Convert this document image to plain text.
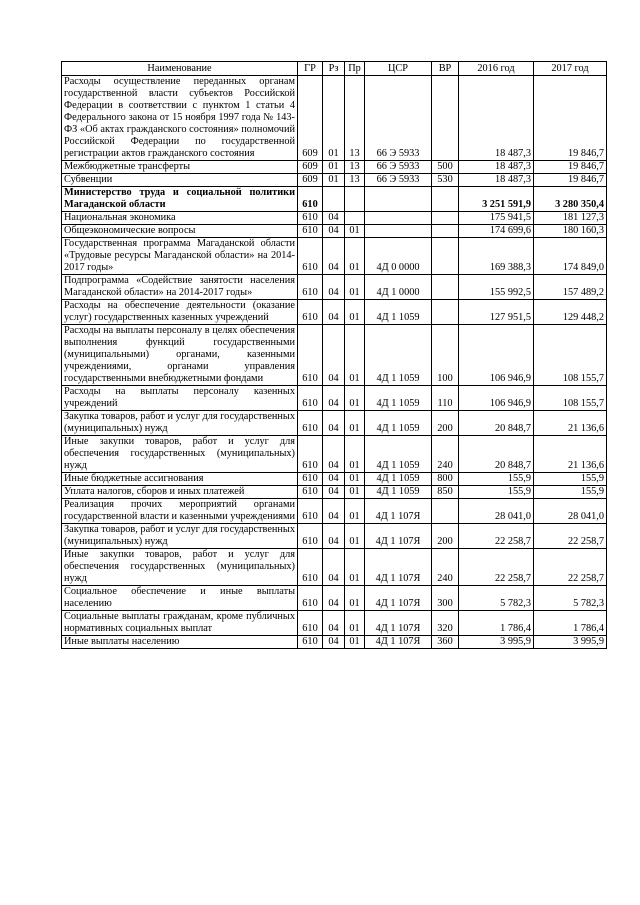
Наименование	ГР	Рз	Пр	ЦСР	ВР	2016 год	2017 год
Расходы осуществление переданных органам государственной власти субъектов Российской Федерации в соответствии с пунктом 1 статьи 4 Федерального закона от 15 ноября 1997 года № 143-ФЗ «Об актах гражданского состояния» полномочий Российской Федерации по государственной регистрации актов гражданского состояния	609	01	13	66 Э 5933		18 487,3	19 846,7
Межбюджетные трансферты	609	01	13	66 Э 5933	500	18 487,3	19 846,7
Субвенции	609	01	13	66 Э 5933	530	18 487,3	19 846,7
Министерство труда и социальной политики Магаданской области	610					3 251 591,9	3 280 350,4
Национальная экономика	610	04				175 941,5	181 127,3
Общеэкономические вопросы	610	04	01			174 699,6	180 160,3
Государственная программа Магаданской области «Трудовые ресурсы Магаданской области» на 2014-2017 годы»	610	04	01	4Д 0 0000		169 388,3	174 849,0
Подпрограмма «Содействие занятости населения Магаданской области» на 2014-2017 годы»	610	04	01	4Д 1 0000		155 992,5	157 489,2
Расходы на обеспечение деятельности (оказание услуг) государственных казенных учреждений	610	04	01	4Д 1 1059		127 951,5	129 448,2
Расходы на выплаты персоналу в целях обеспечения выполнения функций государственными (муниципальными) органами, казенными учреждениями, органами управления государственными внебюджетными фондами	610	04	01	4Д 1 1059	100	106 946,9	108 155,7
Расходы на выплаты персоналу казенных учреждений	610	04	01	4Д 1 1059	110	106 946,9	108 155,7
Закупка товаров, работ и услуг для государственных (муниципальных) нужд	610	04	01	4Д 1 1059	200	20 848,7	21 136,6
Иные закупки товаров, работ и услуг для обеспечения государственных (муниципальных) нужд	610	04	01	4Д 1 1059	240	20 848,7	21 136,6
Иные бюджетные ассигнования	610	04	01	4Д 1 1059	800	155,9	155,9
Уплата налогов, сборов и иных платежей	610	04	01	4Д 1 1059	850	155,9	155,9
Реализация прочих мероприятий органами государственной власти и казенными учреждениями	610	04	01	4Д 1 107Я		28 041,0	28 041,0
Закупка товаров, работ и услуг для государственных (муниципальных) нужд	610	04	01	4Д 1 107Я	200	22 258,7	22 258,7
Иные закупки товаров, работ и услуг для обеспечения государственных (муниципальных) нужд	610	04	01	4Д 1 107Я	240	22 258,7	22 258,7
Социальное обеспечение и иные выплаты населению	610	04	01	4Д 1 107Я	300	5 782,3	5 782,3
Социальные выплаты гражданам, кроме публичных нормативных социальных выплат	610	04	01	4Д 1 107Я	320	1 786,4	1 786,4
Иные выплаты населению	610	04	01	4Д 1 107Я	360	3 995,9	3 995,9
